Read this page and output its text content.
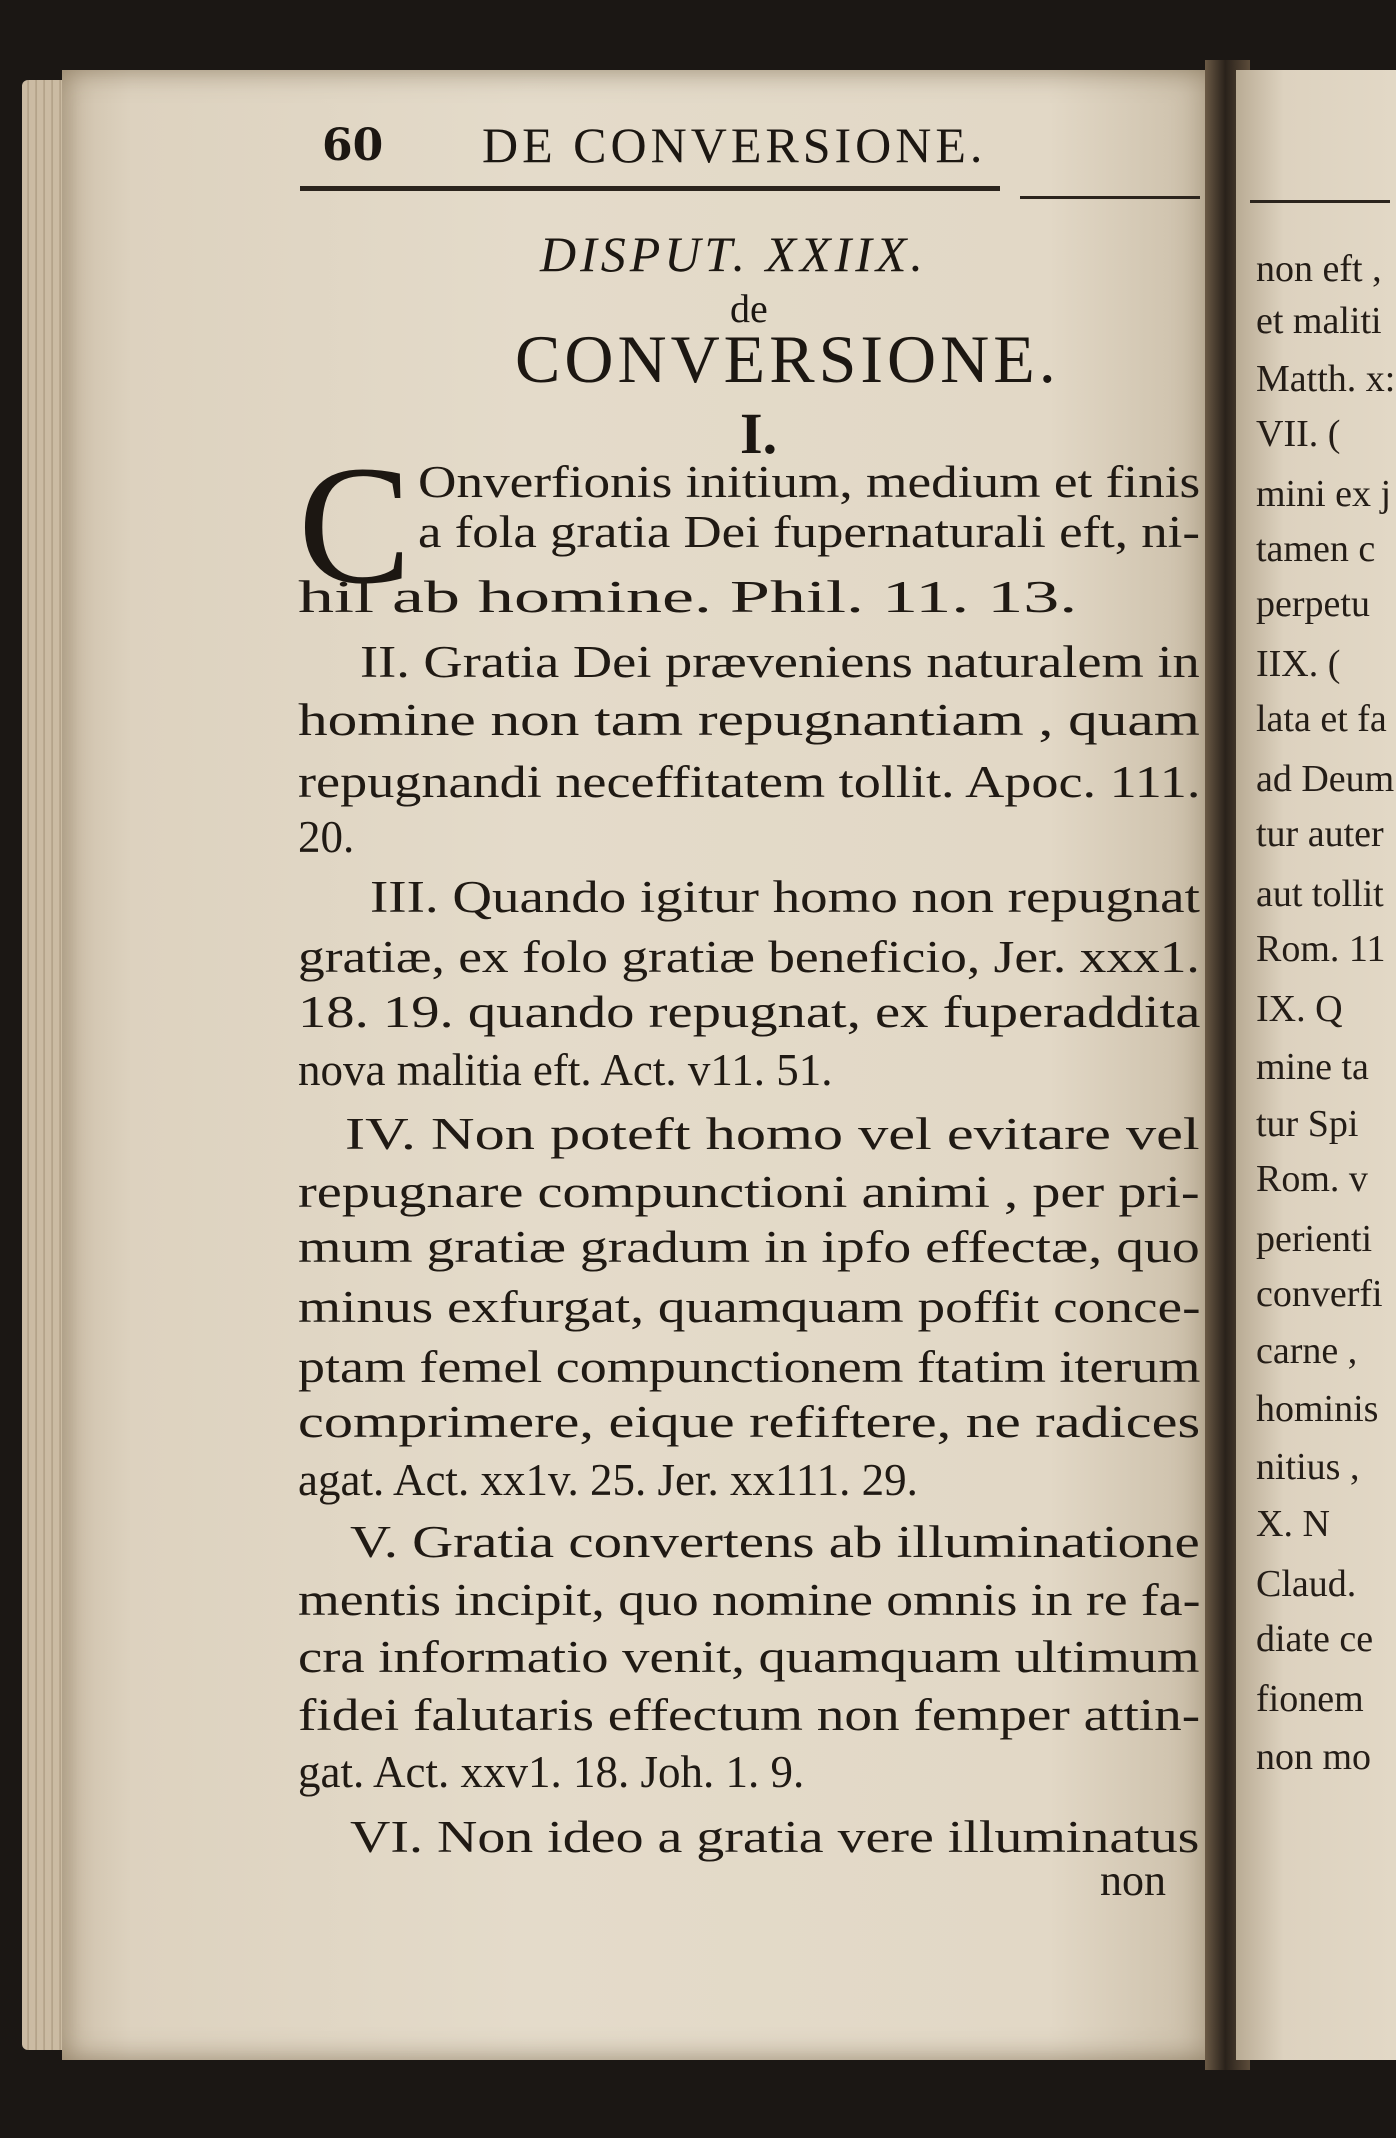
non eft ,
et maliti
Matth. x:
VII. (
mini ex j
tamen c
perpetu
IIX. (
lata et fa
ad Deum
tur auter
aut tollit
Rom. 11
IX. Q
mine ta
tur Spi
Rom. v
perienti
converfi
carne ,
hominis
nitius ,
X. N
Claud.
diate ce
fionem
non mo
60 DE CONVERSIONE.
DISPUT. XXIIX.
de
CONVERSIONE.
I.
C Onverfionis initium, medium et finis
a fola gratia Dei fupernaturali eft, ni-
hil ab homine. Phil. 11. 13.
II. Gratia Dei præveniens naturalem in
homine non tam repugnantiam , quam
repugnandi neceffitatem tollit. Apoc. 111.
20.
III. Quando igitur homo non repugnat
gratiæ, ex folo gratiæ beneficio, Jer. xxx1.
18. 19. quando repugnat, ex fuperaddita
nova malitia eft. Act. v11. 51.
IV. Non poteft homo vel evitare vel
repugnare compunctioni animi , per pri-
mum gratiæ gradum in ipfo effectæ, quo
minus exfurgat, quamquam poffit conce-
ptam femel compunctionem ftatim iterum
comprimere, eique refiftere, ne radices
agat. Act. xx1v. 25. Jer. xx111. 29.
V. Gratia convertens ab illuminatione
mentis incipit, quo nomine omnis in re fa-
cra informatio venit, quamquam ultimum
fidei falutaris effectum non femper attin-
gat. Act. xxv1. 18. Joh. 1. 9.
VI. Non ideo a gratia vere illuminatus
non
